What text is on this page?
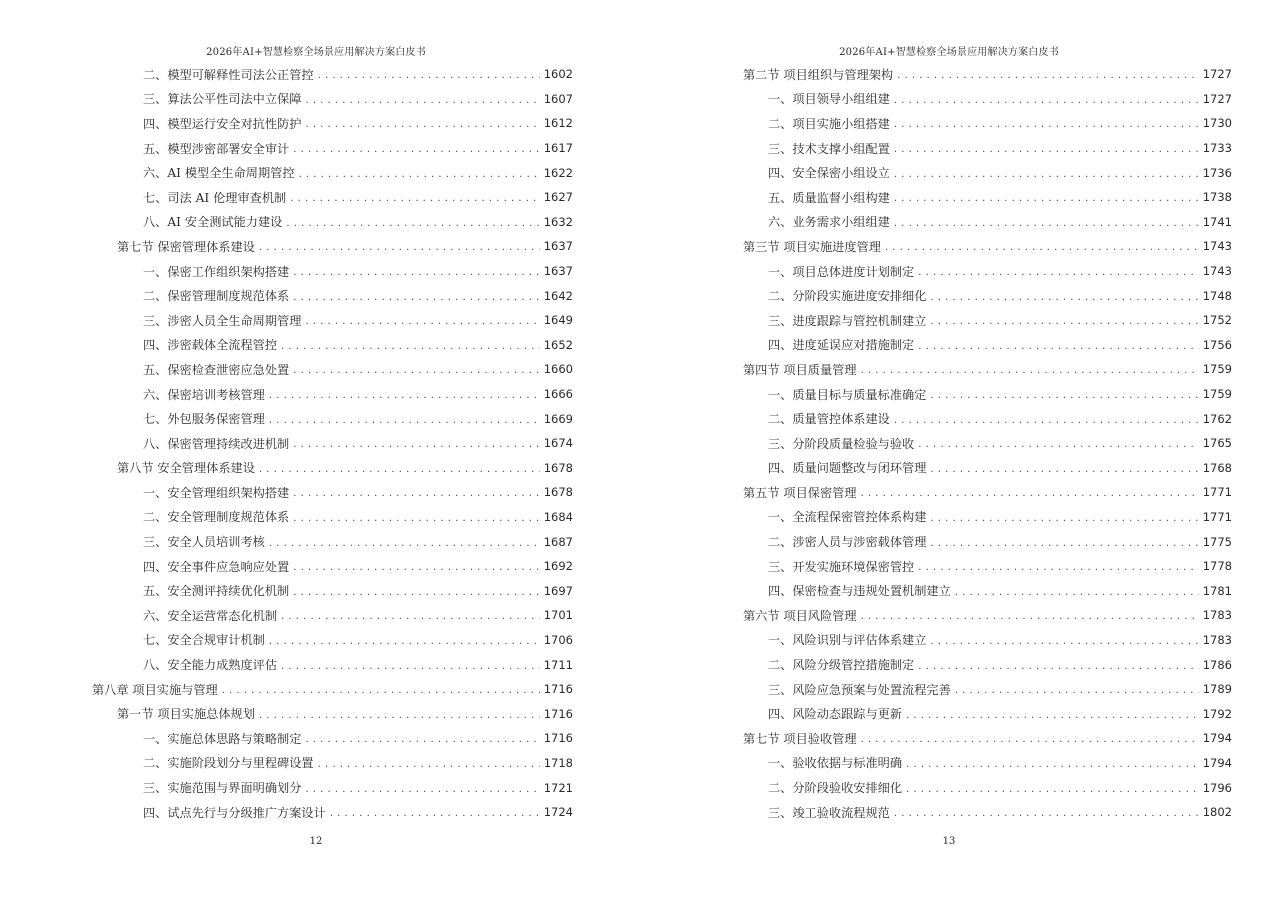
2026年AI+智慧检察全场景应用解决方案白皮书
二、模型可解释性司法公正管控 . . .	1602
三、算法公平性司法中立保障 . . .	1607
四、模型运行安全对抗性防护 . . .	1612
五、模型涉密部署安全审计 . . .	1617
六、AI 模型全生命周期管控 . . .	1622
七、司法 AI 伦理审查机制 . . .	1627
八、AI 安全测试能力建设 . . .	1632
第七节 保密管理体系建设 . . .	1637
一、保密工作组织架构搭建 . . .	1637
二、保密管理制度规范体系 . . .	1642
三、涉密人员全生命周期管理 . . .	1649
四、涉密载体全流程管控 . . .	1652
五、保密检查泄密应急处置 . . .	1660
六、保密培训考核管理 . . .	1666
七、外包服务保密管理 . . .	1669
八、保密管理持续改进机制 . . .	1674
第八节 安全管理体系建设 . . .	1678
一、安全管理组织架构搭建 . . .	1678
二、安全管理制度规范体系 . . .	1684
三、安全人员培训考核 . . .	1687
四、安全事件应急响应处置 . . .	1692
五、安全测评持续优化机制 . . .	1697
六、安全运营常态化机制 . . .	1701
七、安全合规审计机制 . . .	1706
八、安全能力成熟度评估 . . .	1711
第八章 项目实施与管理 . . .	1716
第一节 项目实施总体规划 . . .	1716
一、实施总体思路与策略制定 . . .	1716
二、实施阶段划分与里程碑设置 . . .	1718
三、实施范围与界面明确划分 . . .	1721
四、试点先行与分级推广方案设计 . . .	1724
12
2026年AI+智慧检察全场景应用解决方案白皮书
第二节 项目组织与管理架构 . . .	1727
一、项目领导小组组建 . . .	1727
二、项目实施小组搭建 . . .	1730
三、技术支撑小组配置 . . .	1733
四、安全保密小组设立 . . .	1736
五、质量监督小组构建 . . .	1738
六、业务需求小组组建 . . .	1741
第三节 项目实施进度管理 . . .	1743
一、项目总体进度计划制定 . . .	1743
二、分阶段实施进度安排细化 . . .	1748
三、进度跟踪与管控机制建立 . . .	1752
四、进度延误应对措施制定 . . .	1756
第四节 项目质量管理 . . .	1759
一、质量目标与质量标准确定 . . .	1759
二、质量管控体系建设 . . .	1762
三、分阶段质量检验与验收 . . .	1765
四、质量问题整改与闭环管理 . . .	1768
第五节 项目保密管理 . . .	1771
一、全流程保密管控体系构建 . . .	1771
二、涉密人员与涉密载体管理 . . .	1775
三、开发实施环境保密管控 . . .	1778
四、保密检查与违规处置机制建立 . . .	1781
第六节 项目风险管理 . . .	1783
一、风险识别与评估体系建立 . . .	1783
二、风险分级管控措施制定 . . .	1786
三、风险应急预案与处置流程完善 . . .	1789
四、风险动态跟踪与更新 . . .	1792
第七节 项目验收管理 . . .	1794
一、验收依据与标准明确 . . .	1794
二、分阶段验收安排细化 . . .	1796
三、竣工验收流程规范 . . .	1802
13
